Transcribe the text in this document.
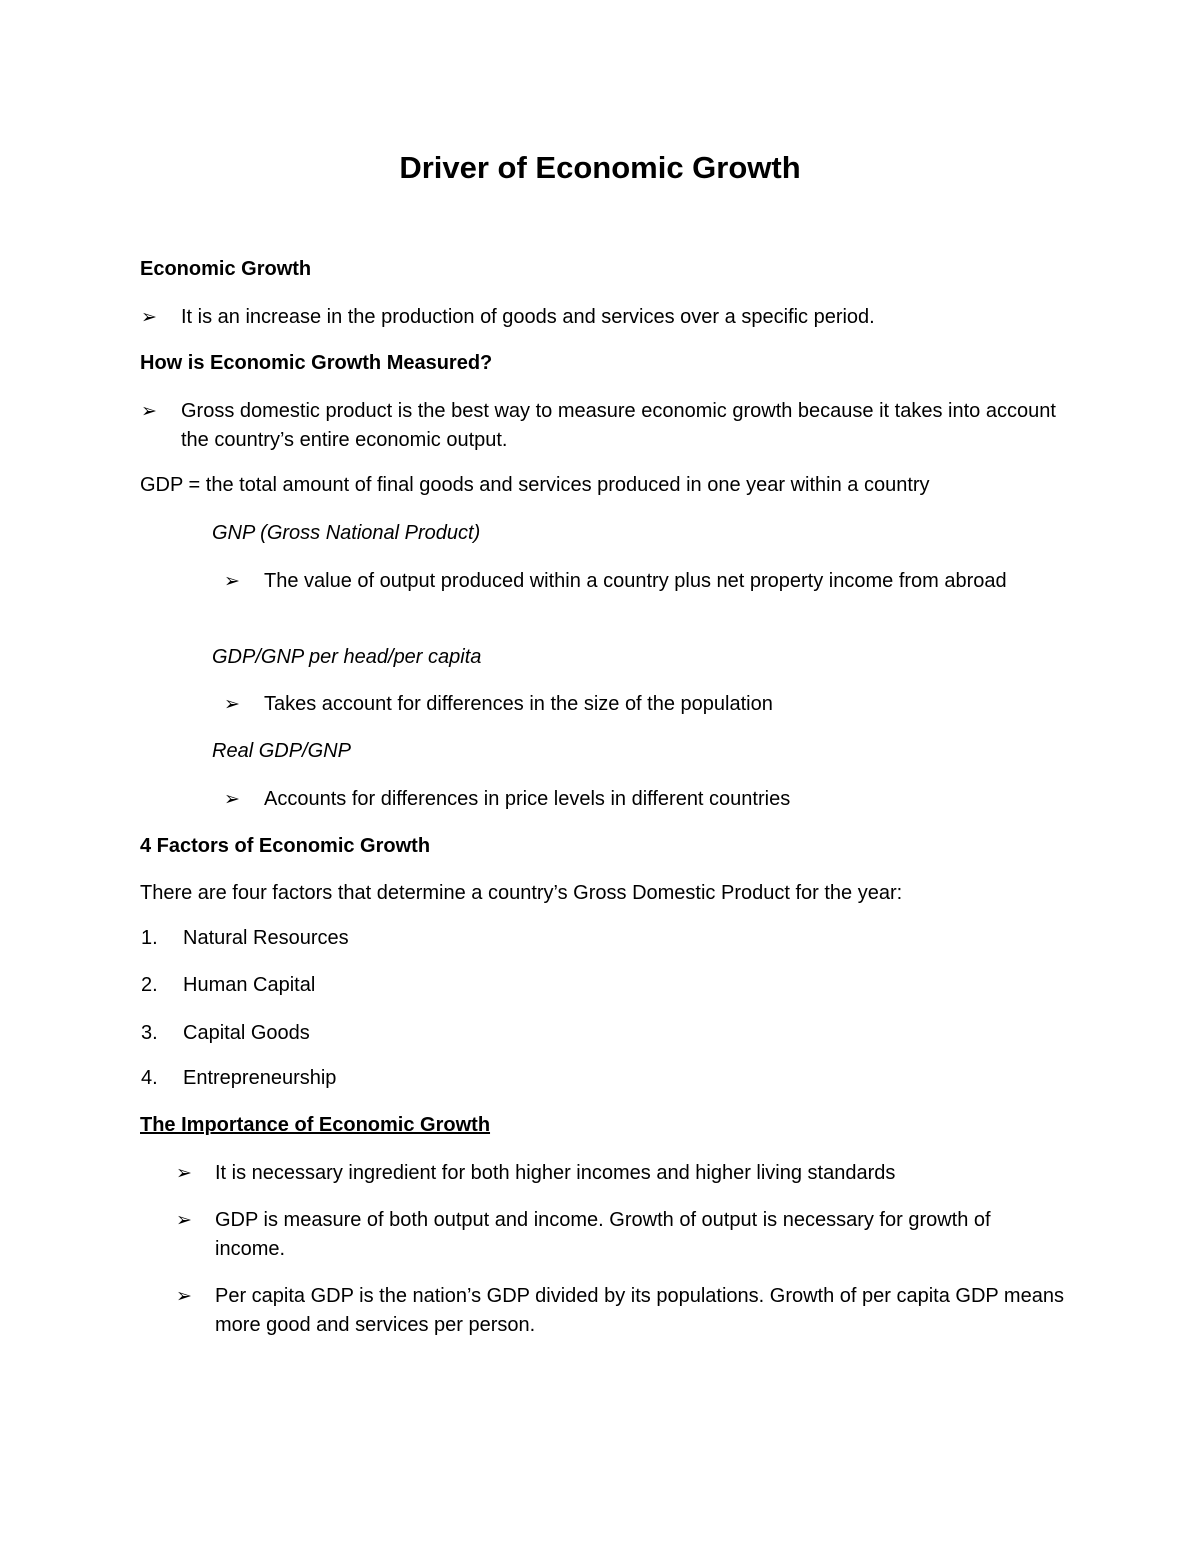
Driver of Economic Growth
Economic Growth
➢	It is an increase in the production of goods and services over a specific period.
How is Economic Growth Measured?
➢	Gross domestic product is the best way to measure economic growth because it takes into account the country’s entire economic output.
GDP = the total amount of final goods and services produced in one year within a country
GNP (Gross National Product)
➢	The value of output produced within a country plus net property income from abroad
GDP/GNP per head/per capita
➢	Takes account for differences in the size of the population
Real GDP/GNP
➢	Accounts for differences in price levels in different countries
4 Factors of Economic Growth
There are four factors that determine a country’s Gross Domestic Product for the year:
1. Natural Resources
2. Human Capital
3. Capital Goods
4. Entrepreneurship
The Importance of Economic Growth
➢	It is necessary ingredient for both higher incomes and higher living standards
➢	GDP is measure of both output and income. Growth of output is necessary for growth of income.
➢	Per capita GDP is the nation’s GDP divided by its populations. Growth of per capita GDP means more good and services per person.
